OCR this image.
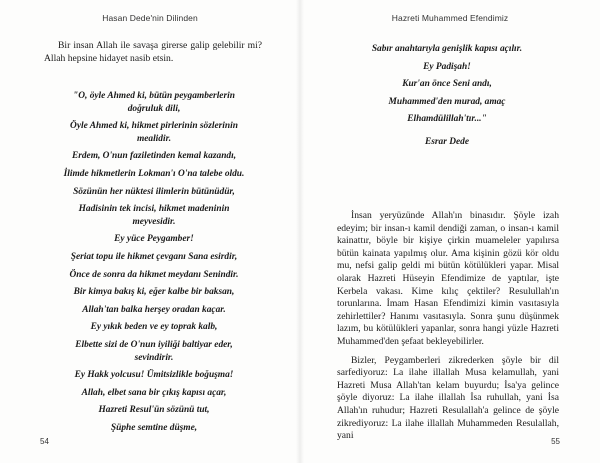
Hasan Dede'nin Dilinden

Bir insan Allah ile savaşa girerse galip gelebilir mi? Allah hepsine hidayet nasib etsin.

"O, öyle Ahmed ki, bütün peygamberlerin
doğruluk dili,
Öyle Ahmed ki, hikmet pirlerinin sözlerinin
mealidir.
Erdem, O'nun faziletinden kemal kazandı,
İlimde hikmetlerin Lokman'ı O'na talebe oldu.
Sözünün her nüktesi ilimlerin bütünüdür,
Hadisinin tek incisi, hikmet madeninin
meyvesidir.
Ey yüce Peygamber!
Şeriat topu ile hikmet çevganı Sana esirdir,
Önce de sonra da hikmet meydanı Senindir.
Bir kimya bakış ki, eğer kalbe bir baksan,
Allah'tan balka herşey oradan kaçar.
Ey yıkık beden ve ey toprak kalb,
Elbette sizi de O'nun iyiliği baltiyar eder,
sevindirir.
Ey Hakk yolcusu! Ümitsizlikle boğuşma!
Allah, elbet sana bir çıkış kapısı açar,
Hazreti Resul'ün sözünü tut,
Şüphe semtine düşme,
54
Hazreti Muhammed Efendimiz
Sabır anahtarıyla genişlik kapısı açılır.
Ey Padişah!
Kur'an önce Seni andı,
Muhammed'den murad, amaç
Elhamdülillah'tır..."
Esrar Dede

İnsan yeryüzünde Allah'ın binasıdır. Şöyle izah edeyim; bir insan-ı kamil dendiği zaman, o insan-ı kamil kainattır, böyle bir kişiye çirkin muameleler yapılırsa bütün kainata yapılmış olur. Ama kişinin gözü kör oldu mu, nefsi galip geldi mi bütün kötülükleri yapar. Misal olarak Hazreti Hüseyin Efendimize de yaptılar, işte Kerbela vakası. Kime kılıç çektiler? Resulullah'ın torunlarına. İmam Hasan Efendimizi kimin vasıtasıyla zehirlettiler? Hanımı vasıtasıyla. Sonra şunu düşünmek lazım, bu kötülükleri yapanlar, sonra hangi yüzle Hazreti Muhammed'den şefaat bekleyebilirler.

Bizler, Peygamberleri zikrederken şöyle bir dil sarfediyoruz: La ilahe illallah Musa kelamullah, yani Hazreti Musa Allah'tan kelam buyurdu; İsa'ya gelince şöyle diyoruz: La ilahe illallah İsa ruhullah, yani İsa Allah'ın ruhudur; Hazreti Resulallah'a gelince de şöyle zikrediyoruz: La ilahe illallah Muhammeden Resulallah, yani

55
